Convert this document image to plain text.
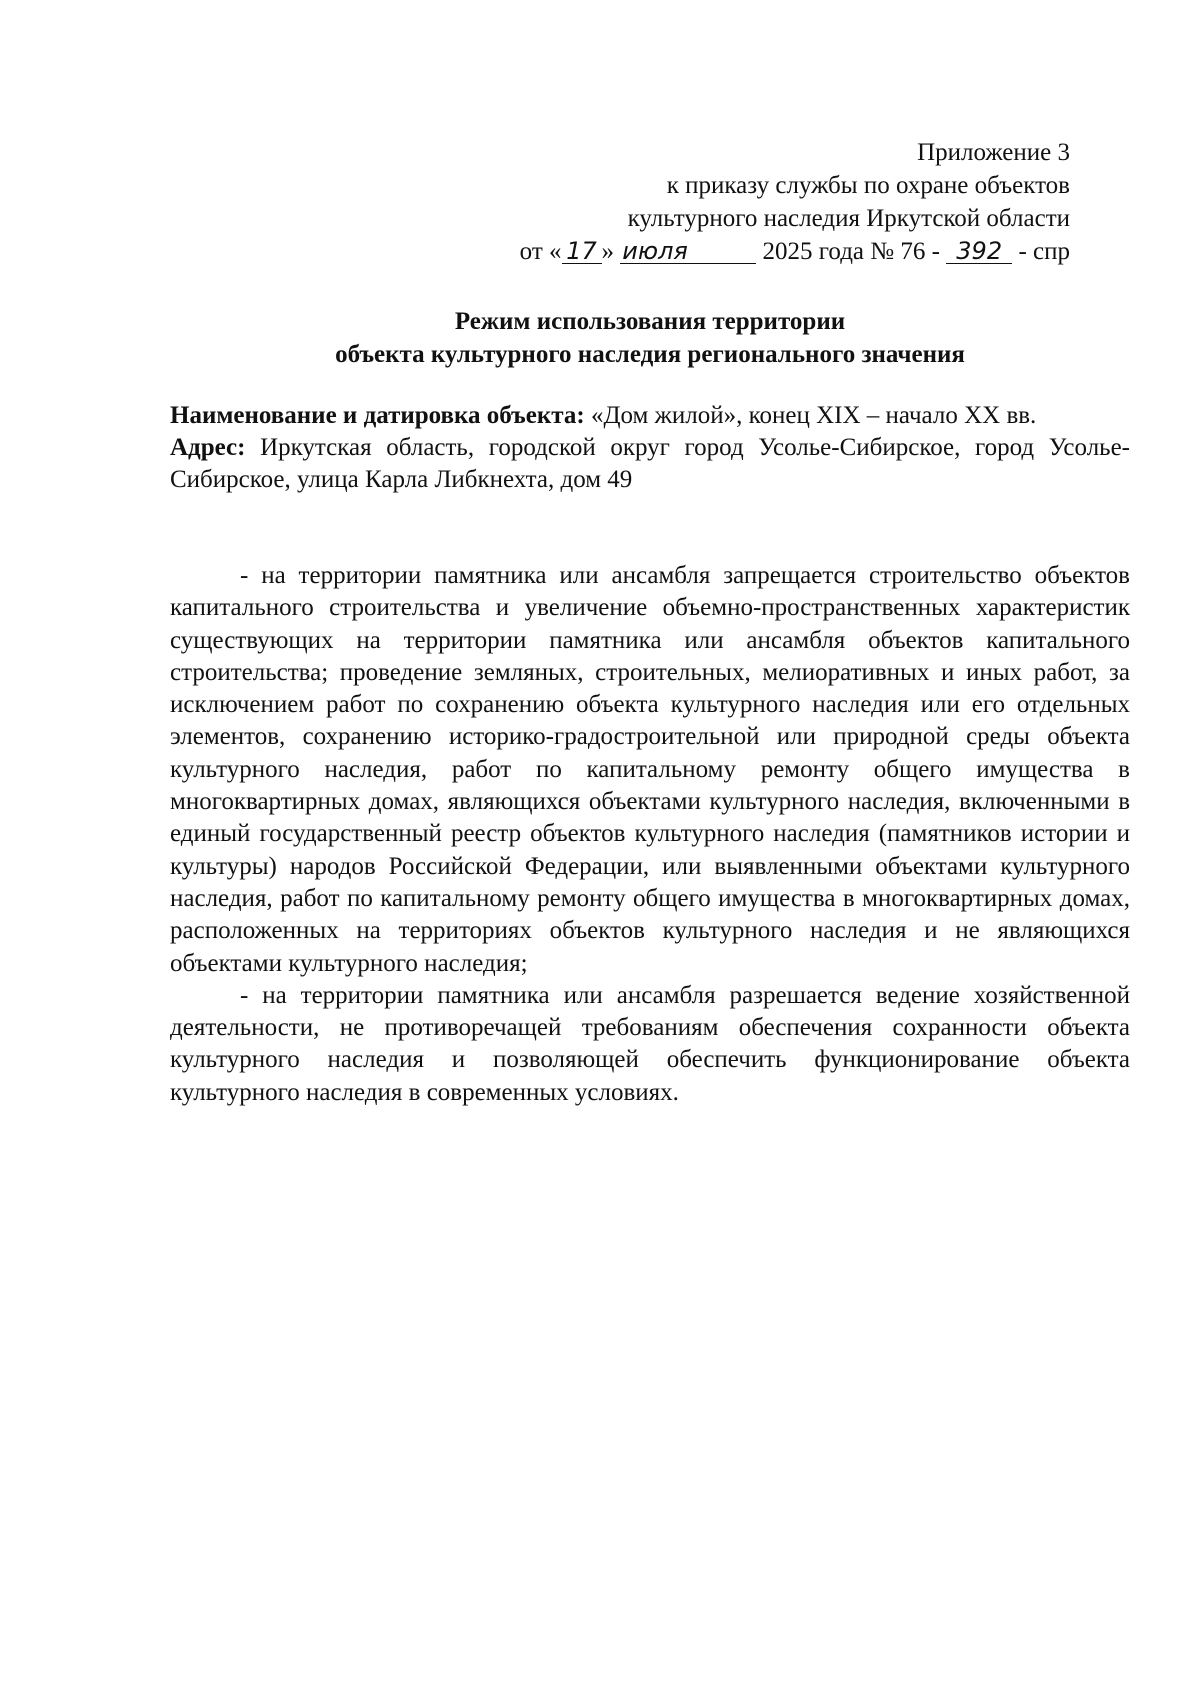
Приложение 3
к приказу службы по охране объектов
культурного наследия Иркутской области
от « 17 » июля	2025 года № 76 - 392 - спр
Режим использования территории
объекта культурного наследия регионального значения

Наименование и датировка объекта: «Дом жилой», конец XIX – начало XX вв.

Адрес: Иркутская область, городской округ город Усолье-Сибирское, город Усолье-Сибирское, улица Карла Либкнехта, дом 49

- на территории памятника или ансамбля запрещается строительство объектов капитального строительства и увеличение объемно-пространственных характеристик существующих на территории памятника или ансамбля объектов капитального строительства; проведение земляных, строительных, мелиоративных и иных работ, за исключением работ по сохранению объекта культурного наследия или его отдельных элементов, сохранению историко-градостроительной или природной среды объекта культурного наследия, работ по капитальному ремонту общего имущества в многоквартирных домах, являющихся объектами культурного наследия, включенными в единый государственный реестр объектов культурного наследия (памятников истории и культуры) народов Российской Федерации, или выявленными объектами культурного наследия, работ по капитальному ремонту общего имущества в многоквартирных домах, расположенных на территориях объектов культурного наследия и не являющихся объектами культурного наследия;

- на территории памятника или ансамбля разрешается ведение хозяйственной деятельности, не противоречащей требованиям обеспечения сохранности объекта культурного наследия и позволяющей обеспечить функционирование объекта культурного наследия в современных условиях.
